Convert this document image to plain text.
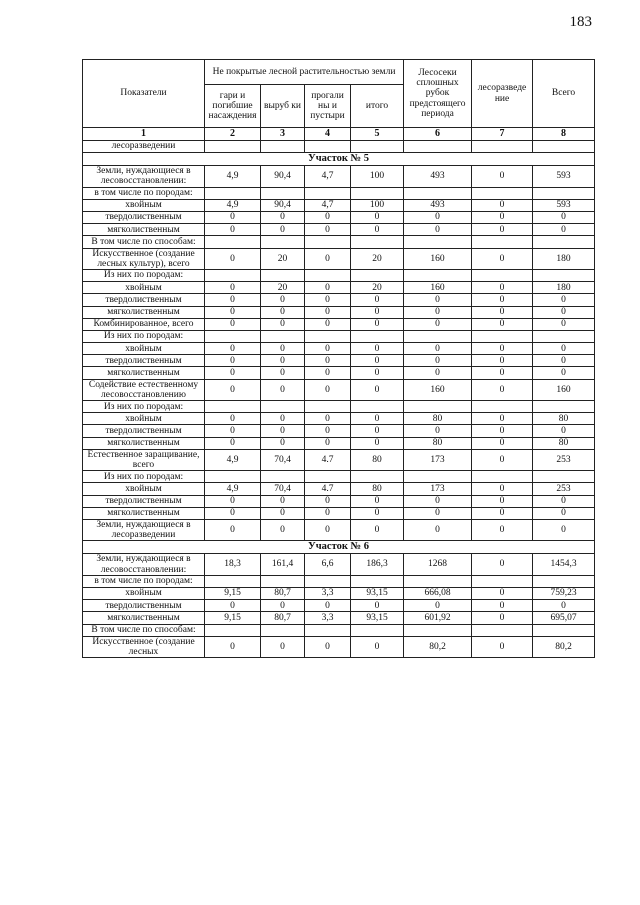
183
Показатели	Не покрытые лесной растительностью земли				Лесосеки сплошных рубок предстоящего периода	лесоразведе ние	Всего
	гари и погибшие насаждения	выруб ки	прогали ны и пустыри	итого			
1	2	3	4	5	6	7	8
лесоразведении							
Участок № 5							
Земли, нуждающиеся в лесовосстановлении:	4,9	90,4	4,7	100	493	0	593
в том числе по породам:							
хвойным	4,9	90,4	4,7	100	493	0	593
твердолиственным	0	0	0	0	0	0	0
мягколиственным	0	0	0	0	0	0	0
В том числе по способам:							
Искусственное (создание лесных культур), всего	0	20	0	20	160	0	180
Из них по породам:							
хвойным	0	20	0	20	160	0	180
твердолиственным	0	0	0	0	0	0	0
мягколиственным	0	0	0	0	0	0	0
Комбинированное, всего	0	0	0	0	0	0	0
Из них по породам:							
хвойным	0	0	0	0	0	0	0
твердолиственным	0	0	0	0	0	0	0
мягколиственным	0	0	0	0	0	0	0
Содействие естественному лесовосстановлению	0	0	0	0	160	0	160
Из них по породам:							
хвойным	0	0	0	0	80	0	80
твердолиственным	0	0	0	0	0	0	0
мягколиственным	0	0	0	0	80	0	80
Естественное заращивание, всего	4,9	70,4	4.7	80	173	0	253
Из них по породам:							
хвойным	4,9	70,4	4.7	80	173	0	253
твердолиственным	0	0	0	0	0	0	0
мягколиственным	0	0	0	0	0	0	0
Земли, нуждающиеся в лесоразведении	0	0	0	0	0	0	0
Участок № 6							
Земли, нуждающиеся в лесовосстановлении:	18,3	161,4	6,6	186,3	1268	0	1454,3
в том числе по породам:							
хвойным	9,15	80,7	3,3	93,15	666,08	0	759,23
твердолиственным	0	0	0	0	0	0	0
мягколиственным	9,15	80,7	3,3	93,15	601,92	0	695,07
В том числе по способам:							
Искусственное (создание лесных	0	0	0	0	80,2	0	80,2
